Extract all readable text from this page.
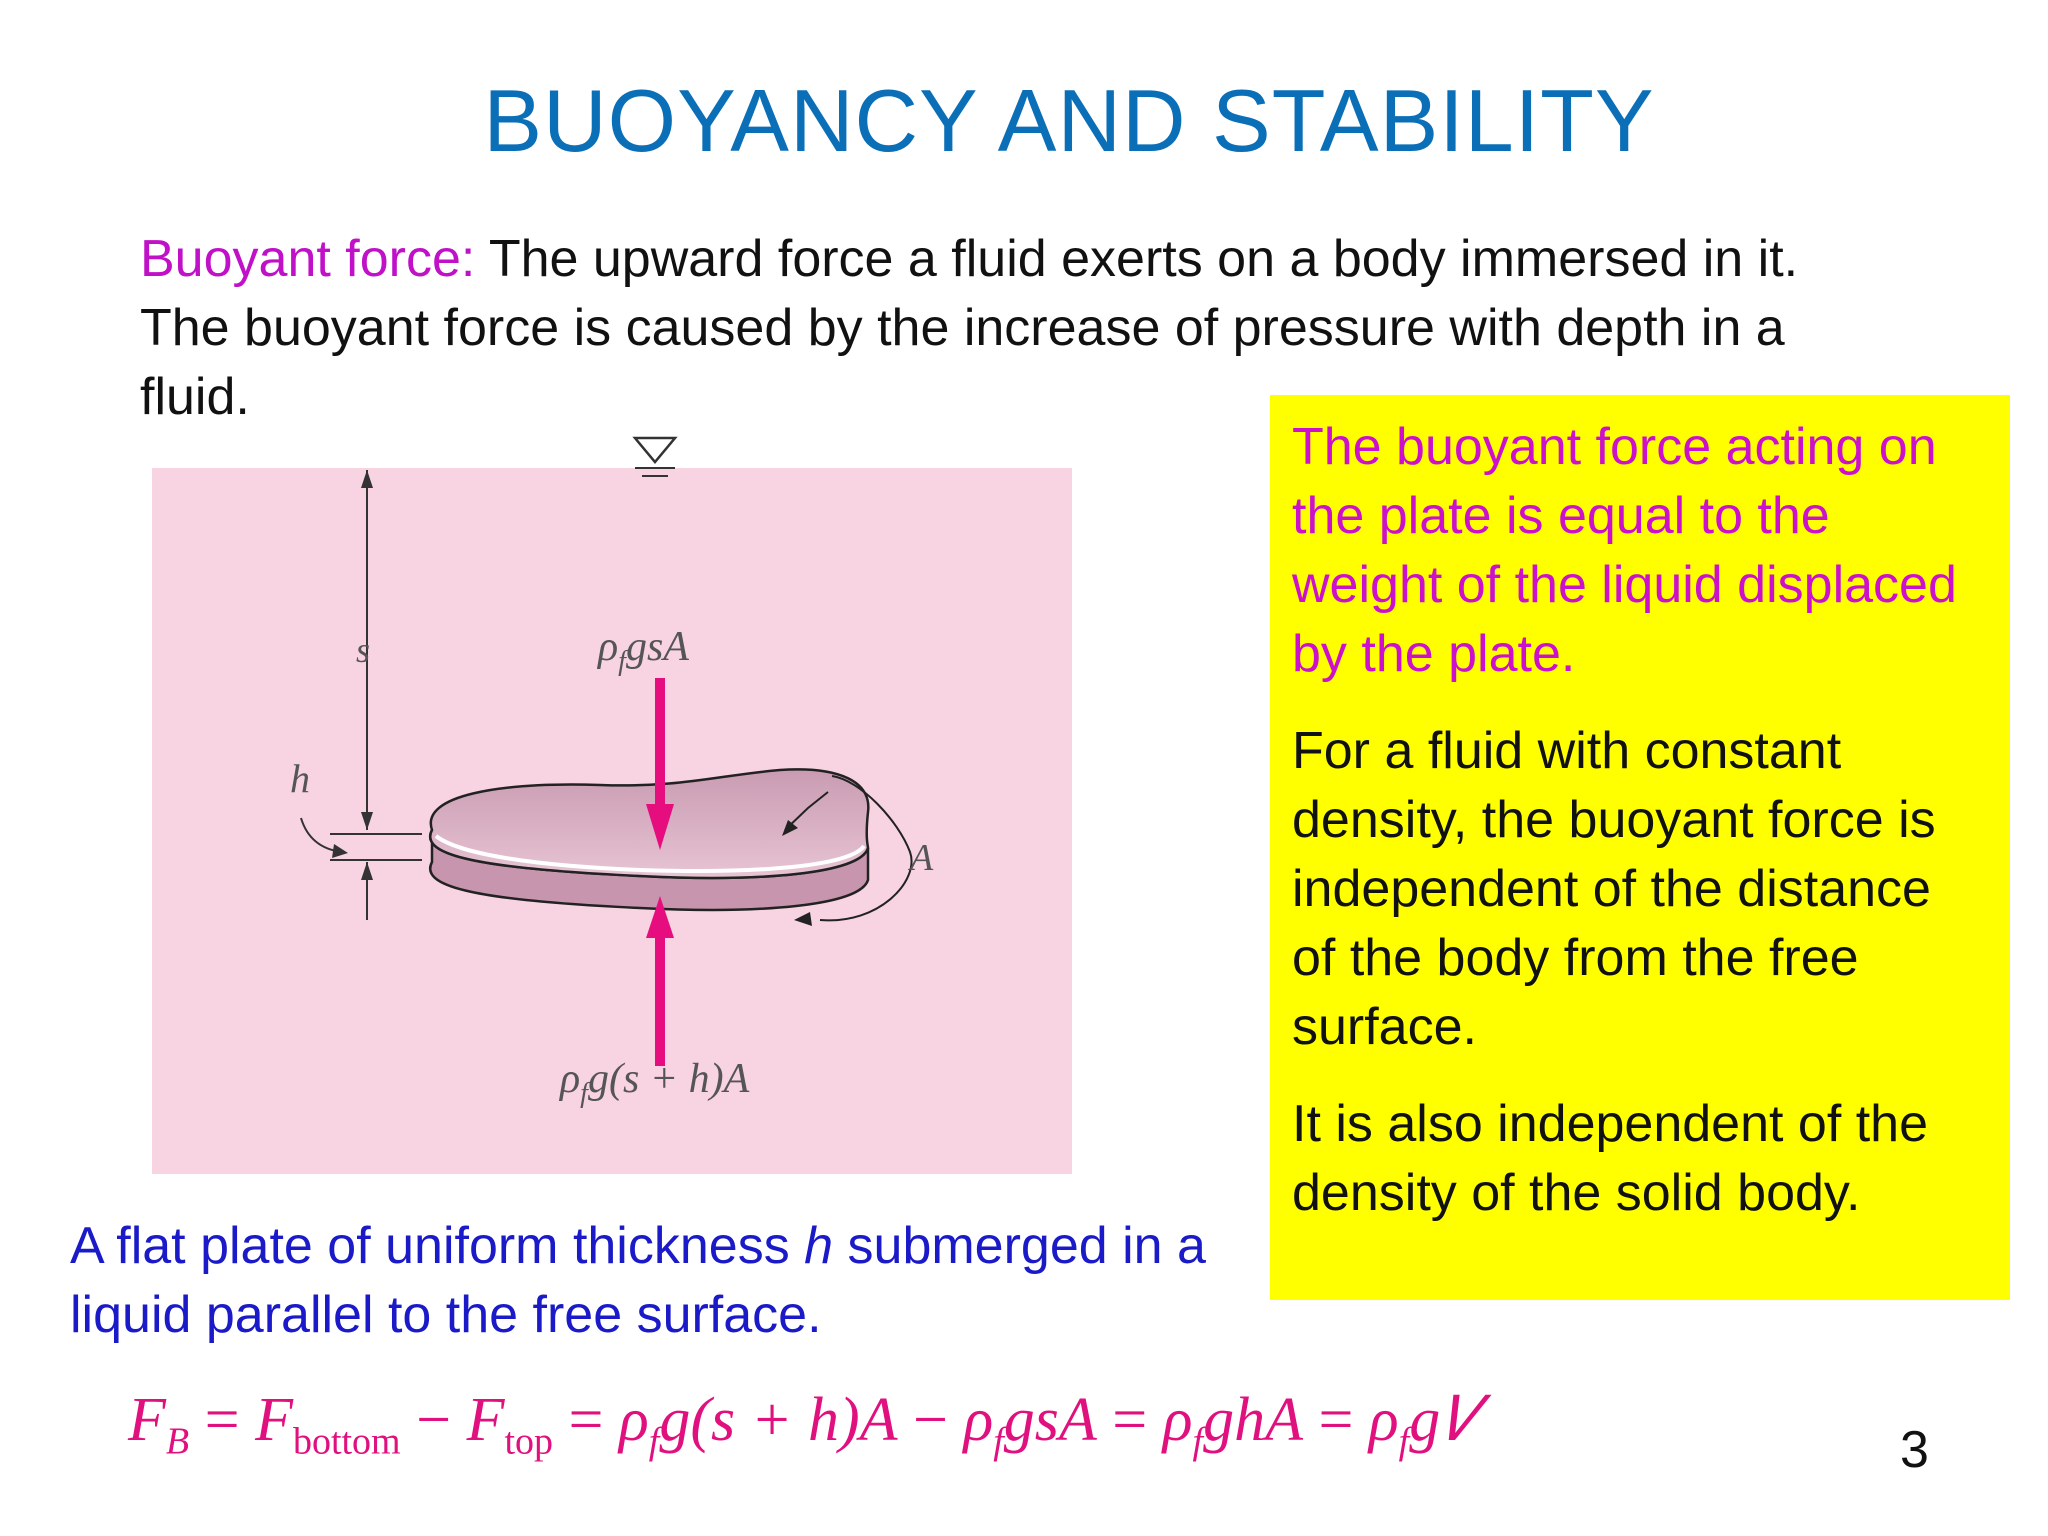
BUOYANCY AND STABILITY
Buoyant force: The upward force a fluid exerts on a body immersed in it. The buoyant force is caused by the increase of pressure with depth in a fluid.
s
h
A
$\rho_fgsA$
$\rho_fg(s + h)A$

The buoyant force acting on the plate is equal to the weight of the liquid displaced by the plate.

For a fluid with constant density, the buoyant force is independent of the distance of the body from the free surface.

It is also independent of the density of the solid body.

A flat plate of uniform thickness h submerged in a liquid parallel to the free surface.
$F_B = F_{bottom} - F_{top} = \rho_fg(s + h)A - \rho_fgsA = \rho_fghA$ = $\rho_fg𝑉$	3
